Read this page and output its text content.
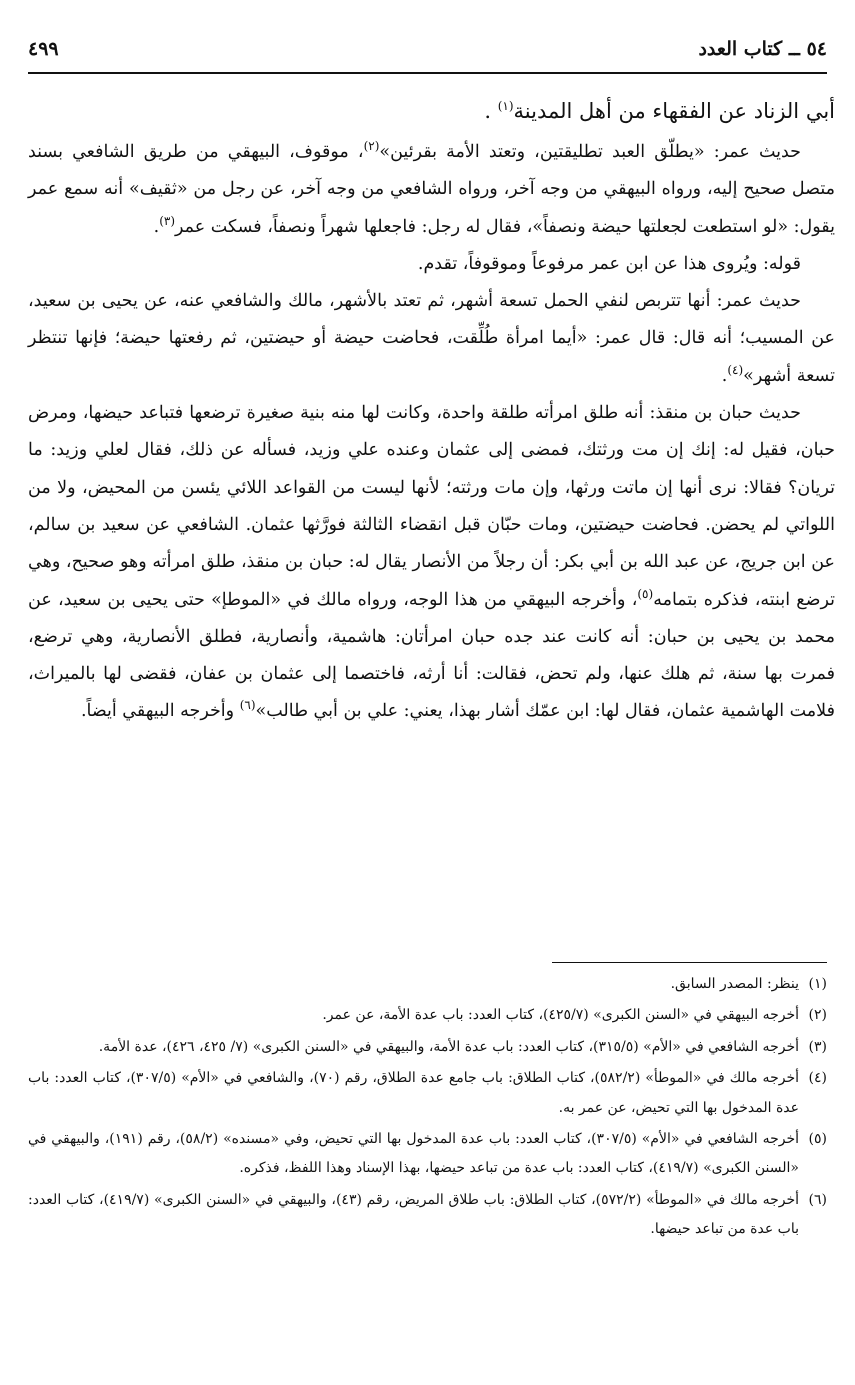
٥٤ ــ كتاب العدد
٤٩٩

أبي الزناد عن الفقهاء من أهل المدينة$^{(١)}$ .

حديث عمر: «يطلّق العبد تطليقتين، وتعتد الأمة بقرئين»$^{(٢)}$، موقوف، البيهقي من طريق الشافعي بسند متصل صحيح إليه، ورواه البيهقي من وجه آخر، ورواه الشافعي من وجه آخر، عن رجل من «ثقيف» أنه سمع عمر يقول: «لو استطعت لجعلتها حيضة ونصفاً»، فقال له رجل: فاجعلها شهراً ونصفاً، فسكت عمر$^{(٣)}$.

قوله: ويُروى هذا عن ابن عمر مرفوعاً وموقوفاً، تقدم.

حديث عمر: أنها تتربص لنفي الحمل تسعة أشهر، ثم تعتد بالأشهر، مالك والشافعي عنه، عن يحيى بن سعيد، عن المسيب؛ أنه قال: قال عمر: «أيما امرأة طُلِّقت، فحاضت حيضة أو حيضتين، ثم رفعتها حيضة؛ فإنها تنتظر تسعة أشهر»$^{(٤)}$.

حديث حبان بن منقذ: أنه طلق امرأته طلقة واحدة، وكانت لها منه بنية صغيرة ترضعها فتباعد حيضها، ومرض حبان، فقيل له: إنك إن مت ورثتك، فمضى إلى عثمان وعنده علي وزيد، فسأله عن ذلك، فقال لعلي وزيد: ما تريان؟ فقالا: نرى أنها إن ماتت ورثها، وإن مات ورثته؛ لأنها ليست من القواعد اللائي يئسن من المحيض، ولا من اللواتي لم يحضن. فحاضت حيضتين، ومات حبّان قبل انقضاء الثالثة فورَّثها عثمان. الشافعي عن سعيد بن سالم، عن ابن جريج، عن عبد الله بن أبي بكر: أن رجلاً من الأنصار يقال له: حبان بن منقذ، طلق امرأته وهو صحيح، وهي ترضع ابنته، فذكره بتمامه$^{(٥)}$، وأخرجه البيهقي من هذا الوجه، ورواه مالك في «الموطإ» حتى يحيى بن سعيد، عن محمد بن يحيى بن حبان: أنه كانت عند جده حبان امرأتان: هاشمية، وأنصارية، فطلق الأنصارية، وهي ترضع، فمرت بها سنة، ثم هلك عنها، ولم تحض، فقالت: أنا أرثه، فاختصما إلى عثمان بن عفان، فقضى لها بالميراث، فلامت الهاشمية عثمان، فقال لها: ابن عمّك أشار بهذا، يعني: علي بن أبي طالب»$^{(٦)}$ وأخرجه البيهقي أيضاً.

(١)
ينظر: المصدر السابق.

(٢)
أخرجه البيهقي في «السنن الكبرى» (٤٢٥/٧)، كتاب العدد: باب عدة الأمة، عن عمر.

(٣)
أخرجه الشافعي في «الأم» (٣١٥/٥)، كتاب العدد: باب عدة الأمة، والبيهقي في «السنن الكبرى» (٧/ ٤٢٥، ٤٢٦)، عدة الأمة.

(٤)
أخرجه مالك في «الموطأ» (٥٨٢/٢)، كتاب الطلاق: باب جامع عدة الطلاق، رقم (٧٠)، والشافعي في «الأم» (٣٠٧/٥)، كتاب العدد: باب عدة المدخول بها التي تحيض، عن عمر به.

(٥)
أخرجه الشافعي في «الأم» (٣٠٧/٥)، كتاب العدد: باب عدة المدخول بها التي تحيض، وفي «مسنده» (٥٨/٢)، رقم (١٩١)، والبيهقي في «السنن الكبرى» (٤١٩/٧)، كتاب العدد: باب عدة من تباعد حيضها، بهذا الإسناد وهذا اللفظ، فذكره.

(٦)
أخرجه مالك في «الموطأ» (٥٧٢/٢)، كتاب الطلاق: باب طلاق المريض، رقم (٤٣)، والبيهقي في «السنن الكبرى» (٤١٩/٧)، كتاب العدد: باب عدة من تباعد حيضها.
